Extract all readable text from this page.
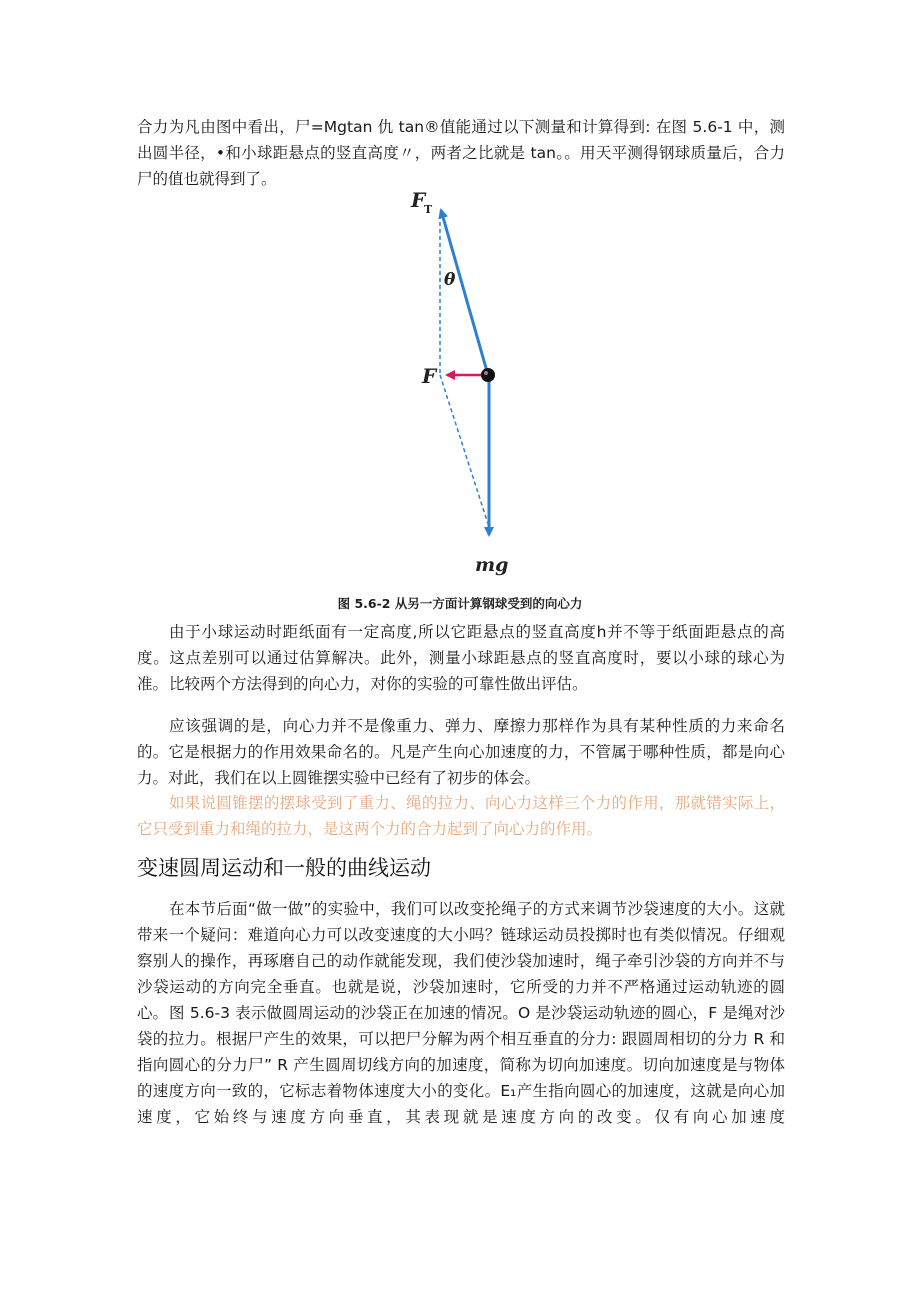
合力为凡由图中看出，尸=Mgtan 仇 tan®值能通过以下测量和计算得到: 在图 5.6-1 中，测出圆半径，•和小球距悬点的竖直高度〃，两者之比就是 tan。。用天平测得钢球质量后，合力尸的值也就得到了。

F
T
θ
F
mg
图 5.6-2 从另一方面计算钢球受到的向心力

由于小球运动时距纸面有一定高度,所以它距悬点的竖直高度h并不等于纸面距悬点的高度。这点差别可以通过估算解决。此外，测量小球距悬点的竖直高度时，要以小球的球心为准。 比较两个方法得到的向心力，对你的实验的可靠性做出评估。

应该强调的是，向心力并不是像重力、弹力、摩擦力那样作为具有某种性质的力来命名的。它是根据力的作用效果命名的。凡是产生向心加速度的力，不管属于哪种性质，都是向心力。对此，我们在以上圆锥摆实验中已经有了初步的体会。

如果说圆锥摆的摆球受到了重力、绳的拉力、向心力这样三个力的作用，那就错实际上，它只受到重力和绳的拉力，是这两个力的合力起到了向心力的作用。

变速圆周运动和一般的曲线运动

在本节后面“做一做”的实验中，我们可以改变抡绳子的方式来调节沙袋速度的大小。这就带来一个疑问：难道向心力可以改变速度的大小吗？链球运动员投掷时也有类似情况。仔细观察别人的操作，再琢磨自己的动作就能发现，我们使沙袋加速时，绳子牵引沙袋的方向并不与沙袋运动的方向完全垂直。也就是说，沙袋加速时，它所受的力并不严格通过运动轨迹的圆心。 图 5.6-3 表示做圆周运动的沙袋正在加速的情况。O 是沙袋运动轨迹的圆心，F 是绳对沙袋的拉力。根据尸产生的效果，可以把尸分解为两个相互垂直的分力: 跟圆周相切的分力 R 和指向圆心的分力尸” R 产生圆周切线方向的加速度，简称为切向加速度。切向加速度是与物体的速度方向一致的，它标志着物体速度大小的变化。E₁产生指向圆心的加速度，这就是向心加速度，它始终与速度方向垂直，其表现就是速度方向的改变。仅有向心加速度
